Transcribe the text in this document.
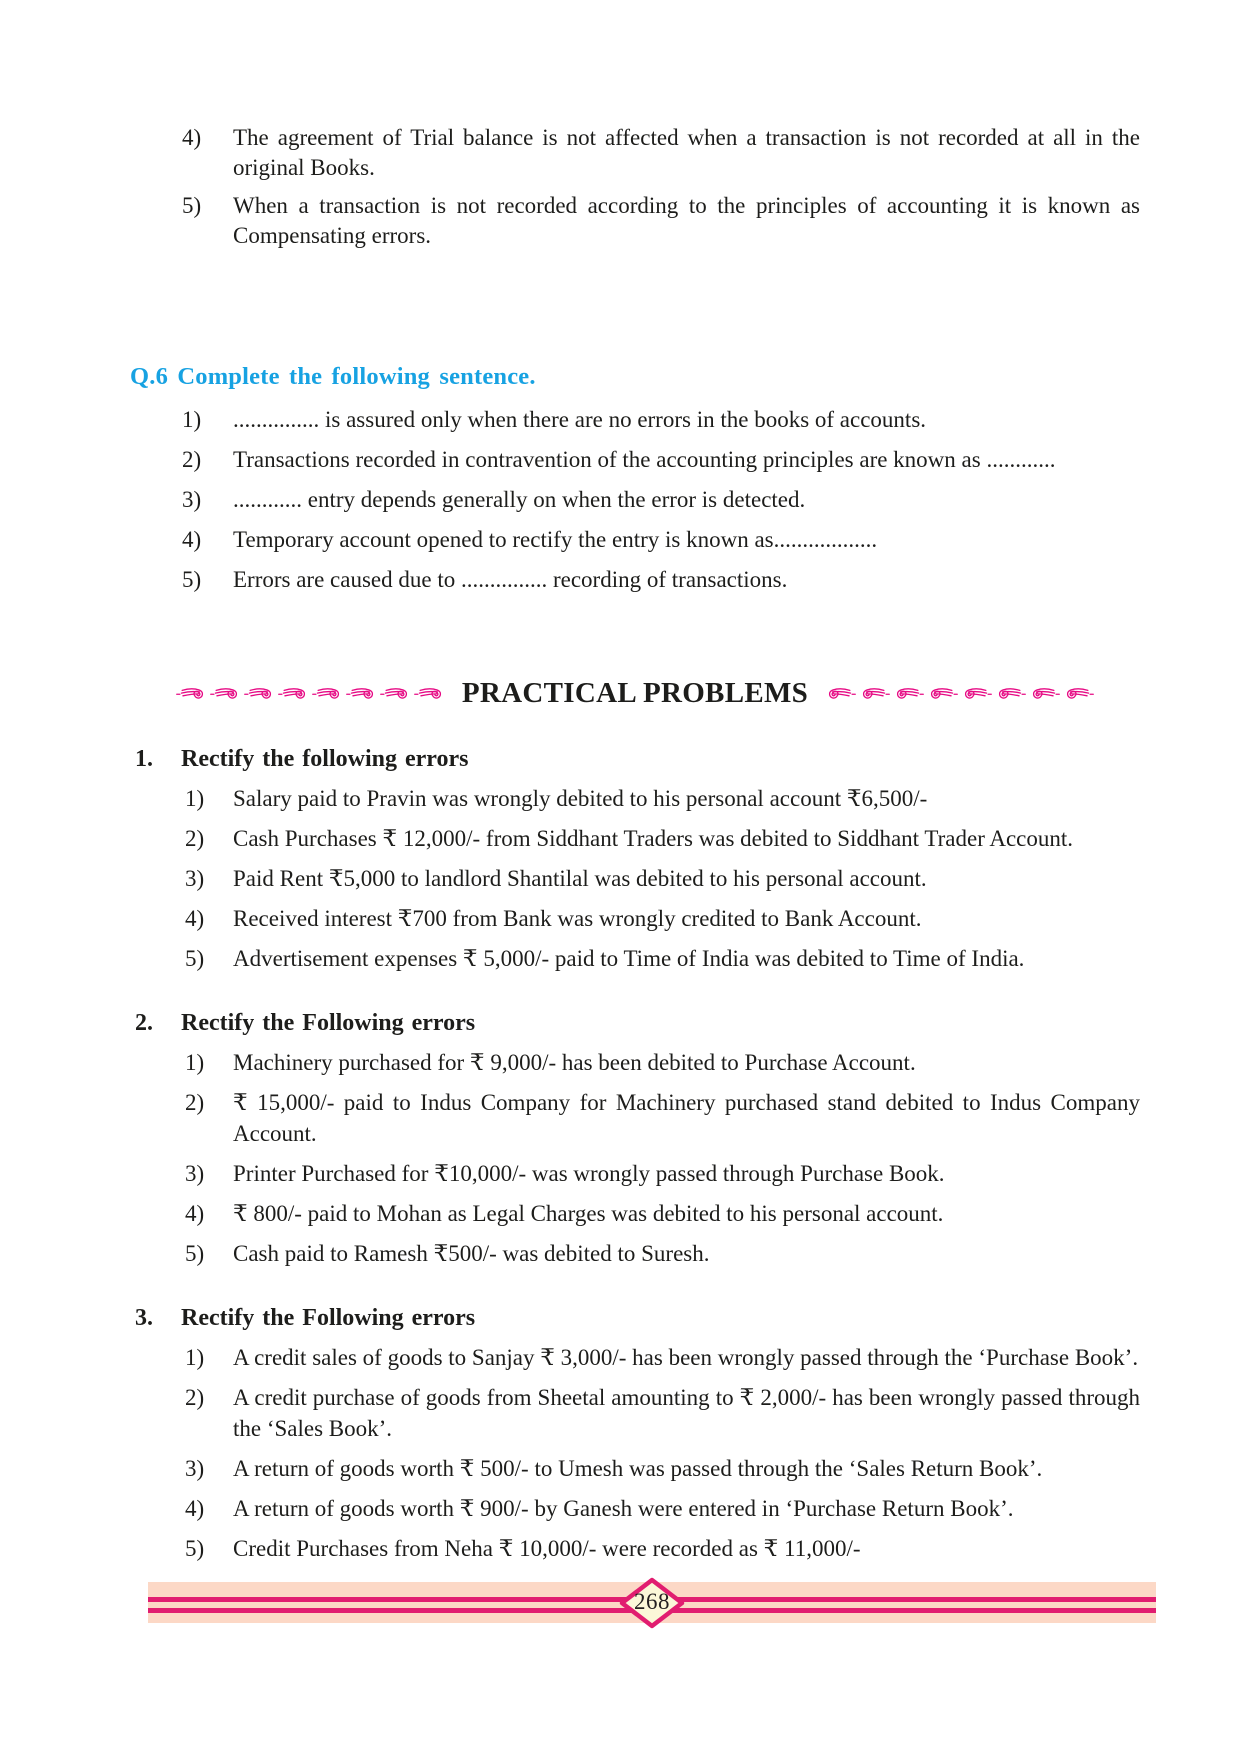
4) The agreement of Trial balance is not affected when a transaction is not recorded at all in the original Books.
5) When a transaction is not recorded according to the principles of accounting it is known as Compensating errors.
Q.6 Complete the following sentence.
1) ............... is assured only when there are no errors in the books of accounts.
2) Transactions recorded in contravention of the accounting principles are known as ............
3) ............ entry depends generally on when the error is detected.
4) Temporary account opened to rectify the entry is known as..................
5) Errors are caused due to ............... recording of transactions.
PRACTICAL PROBLEMS
1. Rectify the following errors
1) Salary paid to Pravin was wrongly debited to his personal account ₹6,500/-
2) Cash Purchases ₹ 12,000/- from Siddhant Traders was debited to Siddhant Trader Account.
3) Paid Rent ₹5,000 to landlord Shantilal was debited to his personal account.
4) Received interest ₹700 from Bank was wrongly credited to Bank Account.
5) Advertisement expenses ₹ 5,000/- paid to Time of India was debited to Time of India.
2. Rectify the Following errors
1) Machinery purchased for ₹ 9,000/- has been debited to Purchase Account.
2) ₹ 15,000/- paid to Indus Company for Machinery purchased stand debited to Indus Company Account.
3) Printer Purchased for ₹10,000/- was wrongly passed through Purchase Book.
4) ₹ 800/- paid to Mohan as Legal Charges was debited to his personal account.
5) Cash paid to Ramesh ₹500/- was debited to Suresh.
3. Rectify the Following errors
1) A credit sales of goods to Sanjay ₹ 3,000/- has been wrongly passed through the ‘Purchase Book’.
2) A credit purchase of goods from Sheetal amounting to ₹ 2,000/- has been wrongly passed through the ‘Sales Book’.
3) A return of goods worth ₹ 500/- to Umesh was passed through the ‘Sales Return Book’.
4) A return of goods worth ₹ 900/- by Ganesh were entered in ‘Purchase Return Book’.
5) Credit Purchases from Neha ₹ 10,000/- were recorded as ₹ 11,000/-
268
